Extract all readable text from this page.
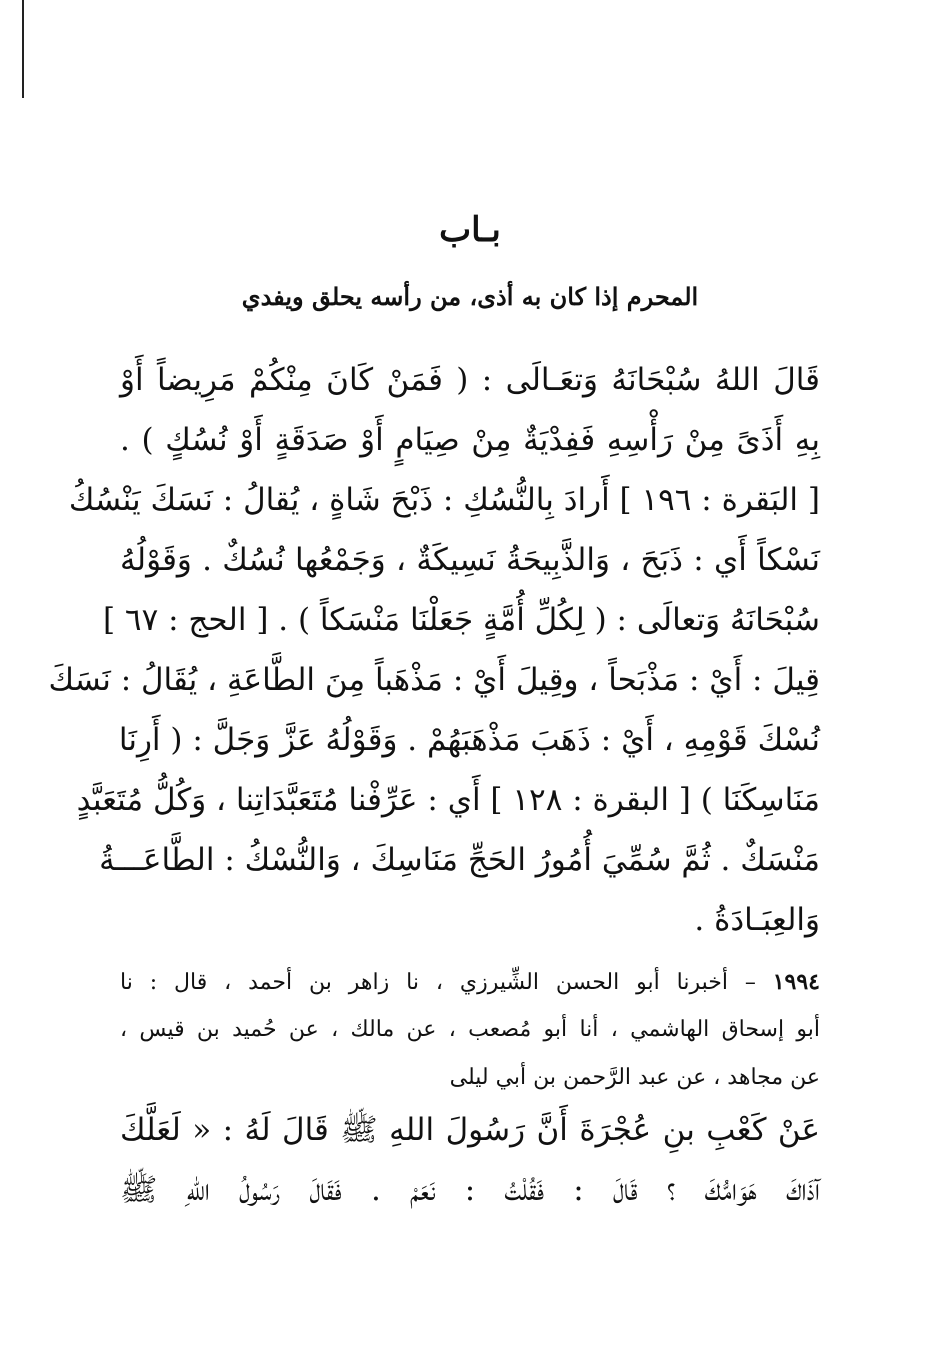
بـاب
المحرم إذا كان به أذى، من رأسه يحلق ويفدي
قَالَ اللهُ سُبْحَانَهُ وَتعَـالَى : ( فَمَنْ كَانَ مِنْكُمْ مَرِيضاً أَوْ
بِهِ أَذَىً مِنْ رَأْسِهِ فَفِدْيَةٌ مِنْ صِيَامٍ أَوْ صَدَقَةٍ أَوْ نُسُكٍ ) .
[ البَقرة : ١٩٦ ] أَرادَ بِالنُّسُكِ : ذَبْحَ شَاةٍ ، يُقالُ : نَسَكَ يَنْسُكُ
نَسْكاً أَي : ذَبَحَ ، وَالذَّبِيحَةُ نَسِيكَةٌ ، وَجَمْعُها نُسُكٌ . وَقَوْلُهُ
سُبْحَانَهُ وَتعالَى : ( لِكُلِّ أُمَّةٍ جَعَلْنَا مَنْسَكاً ) . [ الحج : ٦٧ ]
قِيلَ : أَيْ : مَذْبَحاً ، وقِيلَ أَيْ : مَذْهَباً مِنَ الطَّاعَةِ ، يُقَالُ : نَسَكَ
نُسْكَ قَوْمِهِ ، أَيْ : ذَهَبَ مَذْهَبَهُمْ . وَقَوْلُهُ عَزَّ وَجَلَّ : ( أَرِنَا
مَنَاسِكَنَا ) [ البقرة : ١٢٨ ] أَي : عَرِّفْنا مُتَعَبَّدَاتِنا ، وَكُلُّ مُتَعَبَّدٍ
مَنْسَكٌ . ثُمَّ سُمِّيَ أُمُورُ الحَجِّ مَنَاسِكَ ، وَالنُّسْكُ : الطَّاعَـــةُ
وَالعِبَـادَةُ .
١٩٩٤ – أخبرنا أبو الحسن الشِّيرزي ، نا زاهر بن أحمد ، قال : نا
أبو إسحاق الهاشمي ، أنا أبو مُصعب ، عن مالك ، عن حُميد بن قيس ،
عن مجاهد ، عن عبد الرَّحمن بن أبي ليلى
عَنْ كَعْبِ بنِ عُجْرَةَ أَنَّ رَسُولَ اللهِ ﷺ قَالَ لَهُ : « لَعَلَّكَ
آذَاكَ هَوَامُّكَ ؟ قَالَ : فَقُلْتُ : نَعَمْ . فَقَالَ رَسُولُ اللهِ ﷺ
